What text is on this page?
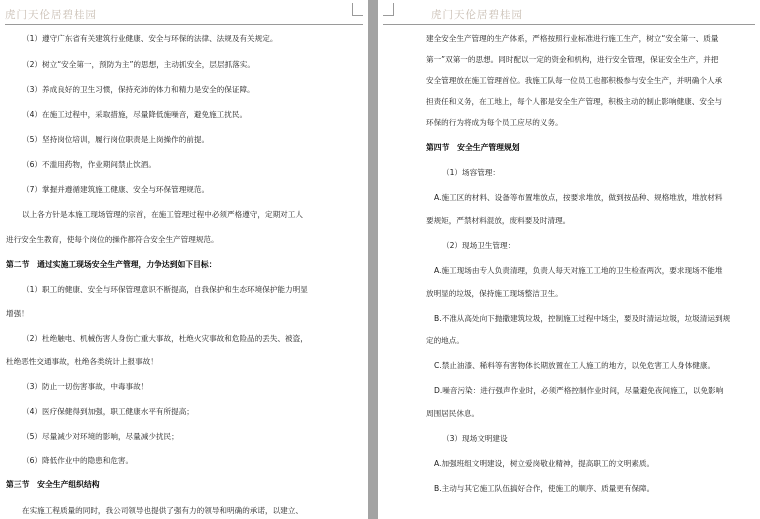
虎门天伦居碧桂园
（1）遵守广东省有关建筑行业健康、安全与环保的法律、法规及有关规定。
（2）树立“安全第一，预防为主”的思想，主动抓安全，层层抓落实。
（3）养成良好的卫生习惯，保持充沛的体力和精力是安全的保证障。
（4）在施工过程中，采取措施，尽量降低施噪音，避免施工扰民。
（5）坚持岗位培训，履行岗位职责是上岗操作的前提。
（6）不滥用药物，作业期间禁止饮酒。
（7）掌握并遵循建筑施工健康、安全与环保管理规范。
以上各方针是本施工现场管理的宗首，在施工管理过程中必须严格遵守，定期对工人
进行安全生教育，使每个岗位的操作都符合安全生产管理规范。
第二节　通过实施工现场安全生产管理，力争达到如下目标：
（1）职工的健康、安全与环保管理意识不断提高，自我保护和生态环境保护能力明显
增强！
（2）杜绝触电、机械伤害人身伤亡重大事故，杜绝火灾事故和危险品的丢失、被盗，
杜绝恶性交通事故，杜绝各类统计上报事故！
（3）防止一切伤害事故，中毒事故！
（4）医疗保健得到加强，职工健康水平有所提高；
（5）尽量减少对环境的影响，尽量减少扰民；
（6）降低作业中的隐患和危害。
第三节　安全生产组织结构
在实施工程质量的同时，我公司领导也提供了强有力的领导和明确的承诺，以建立、
虎门天伦居碧桂园
建全安全生产管理的生产体系，严格按照行业标准进行施工生产，树立“安全第一、质量
第一”双第一的思想。同时配以一定的资金和机构，进行安全管理，保证安全生产，并把
安全管理放在施工管理首位。我施工队每一位员工也都积极参与安全生产，并明确个人承
担责任和义务，在工地上，每个人都是安全生产管理，积极主动的制止影响健康、安全与
环保的行为将成为每个员工应尽的义务。
第四节　安全生产管理规划
（1）场容管理：
A.施工区的材料、设备等布置堆放点，按要求堆放，做到按品种、规格堆放，堆放材料
要规矩，严禁材料混放，废料要及时清理。
（2）现场卫生管理：
A.施工现场由专人负责清理，负责人每天对施工工地的卫生检查两次，要求现场不能堆
放明显的垃圾，保持施工现场整洁卫生。
B.不准从高处向下抛撒建筑垃圾，控制施工过程中场尘，要及时清运垃圾，垃圾清运到规
定的地点。
C.禁止油漆、稀料等有害物体长期放置在工人施工的地方，以免危害工人身体健康。
D.噪音污染：进行强声作业时，必须严格控制作业时间，尽量避免夜间施工，以免影响
周围居民休息。
（3）现场文明建设
A.加强班组文明建设，树立爱岗敬业精神，提高职工的文明素质。
B.主动与其它施工队伍搞好合作，使施工的顺序、质量更有保障。
